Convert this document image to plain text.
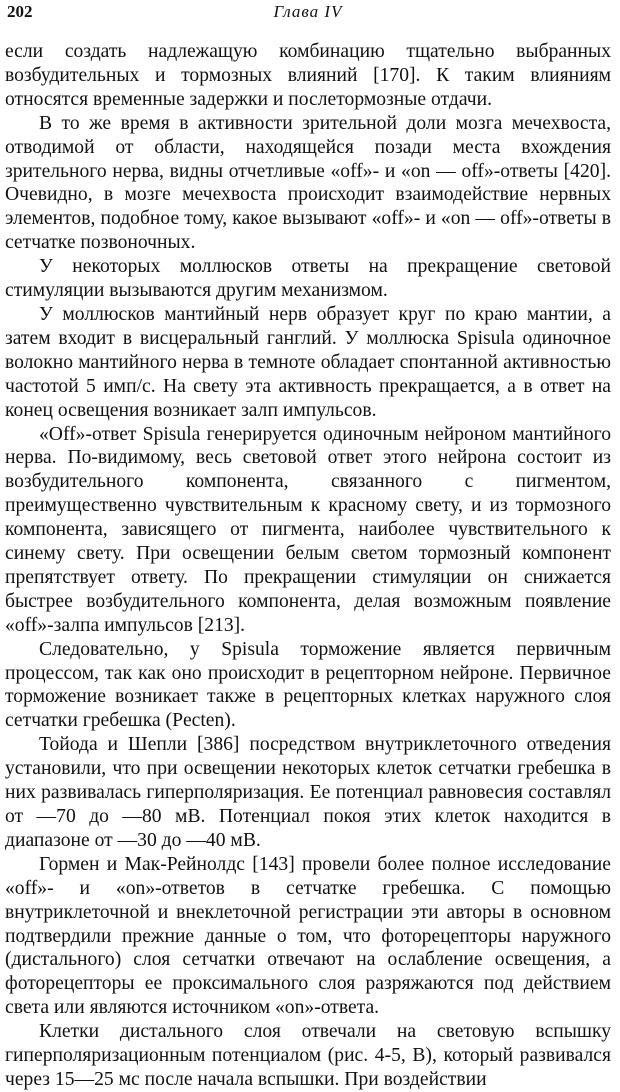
202	Глава IV

если создать надлежащую комбинацию тщательно выбранных возбудительных и тормозных влияний [170]. К таким влияниям относятся временные задержки и послетормозные отдачи.

В то же время в активности зрительной доли мозга мечехвоста, отводимой от области, находящейся позади места вхождения зрительного нерва, видны отчетливые «off»- и «on — off»-ответы [420]. Очевидно, в мозге мечехвоста происходит взаимодействие нервных элементов, подобное тому, какое вызывают «off»- и «on — off»-ответы в сетчатке позвоночных.

У некоторых моллюсков ответы на прекращение световой стимуляции вызываются другим механизмом.

У моллюсков мантийный нерв образует круг по краю мантии, а затем входит в висцеральный ганглий. У моллюска Spisula одиночное волокно мантийного нерва в темноте обладает спонтанной активностью частотой 5 имп/с. На свету эта активность прекращается, а в ответ на конец освещения возникает залп импульсов.

«Off»-ответ Spisula генерируется одиночным нейроном мантийного нерва. По-видимому, весь световой ответ этого нейрона состоит из возбудительного компонента, связанного с пигментом, преимущественно чувствительным к красному свету, и из тормозного компонента, зависящего от пигмента, наиболее чувствительного к синему свету. При освещении белым светом тормозный компонент препятствует ответу. По прекращении стимуляции он снижается быстрее возбудительного компонента, делая возможным появление «off»-залпа импульсов [213].

Следовательно, у Spisula торможение является первичным процессом, так как оно происходит в рецепторном нейроне. Первичное торможение возникает также в рецепторных клетках наружного слоя сетчатки гребешка (Pecten).

Тойода и Шепли [386] посредством внутриклеточного отведения установили, что при освещении некоторых клеток сетчатки гребешка в них развивалась гиперполяризация. Ее потенциал равновесия составлял от —70 до —80 мВ. Потенциал покоя этих клеток находится в диапазоне от —30 до —40 мВ.

Гормен и Мак-Рейнолдс [143] провели более полное исследование «off»- и «on»-ответов в сетчатке гребешка. С помощью внутриклеточной и внеклеточной регистрации эти авторы в основном подтвердили прежние данные о том, что фоторецепторы наружного (дистального) слоя сетчатки отвечают на ослабление освещения, а фоторецепторы ее проксимального слоя разряжаются под действием света или являются источником «on»-ответа.

Клетки дистального слоя отвечали на световую вспышку гиперполяризационным потенциалом (рис. 4-5, B), который развивался через 15—25 мс после начала вспышки. При воздействии
